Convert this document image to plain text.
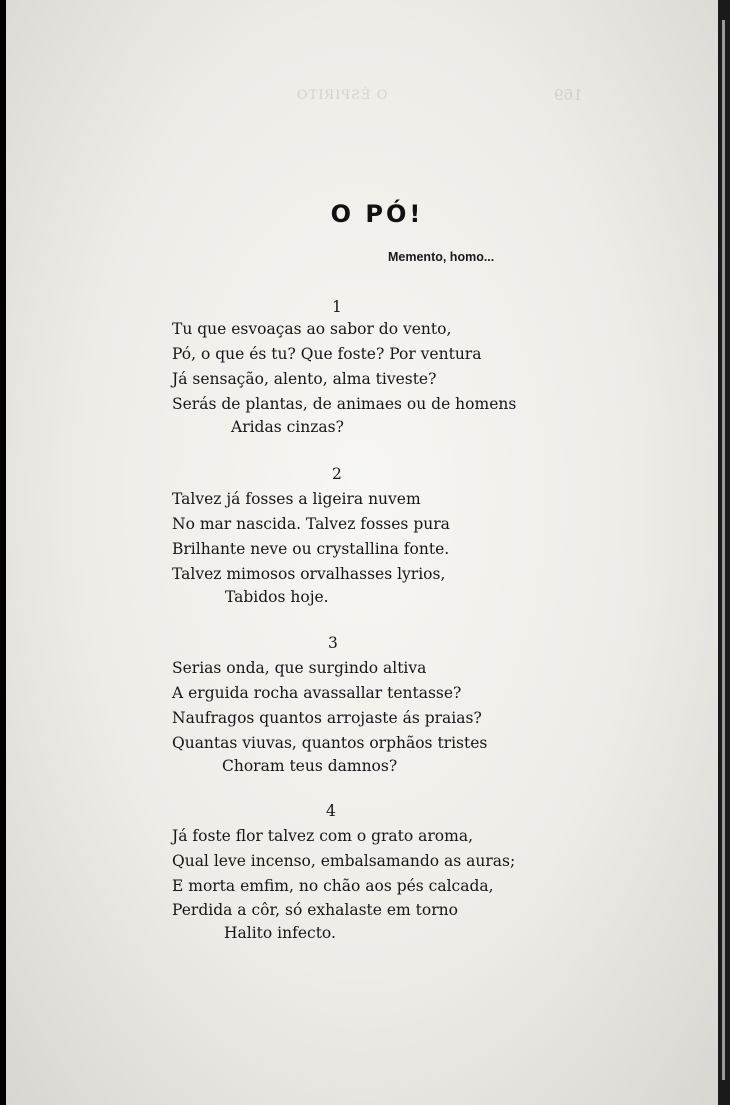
O ÉSPIRITO	169
O PÓ!
Memento, homo...
1
Tu que esvoaças ao sabor do vento,
Pó, o que és tu? Que foste? Por ventura
Já sensação, alento, alma tiveste?
Serás de plantas, de animaes ou de homens
Aridas cinzas?
2
Talvez já fosses a ligeira nuvem
No mar nascida. Talvez fosses pura
Brilhante neve ou crystallina fonte.
Talvez mimosos orvalhasses lyrios,
Tabidos hoje.
3
Serias onda, que surgindo altiva
A erguida rocha avassallar tentasse?
Naufragos quantos arrojaste ás praias?
Quantas viuvas, quantos orphãos tristes
Choram teus damnos?
4
Já foste flor talvez com o grato aroma,
Qual leve incenso, embalsamando as auras;
E morta emfim, no chão aos pés calcada,
Perdida a côr, só exhalaste em torno
Halito infecto.
